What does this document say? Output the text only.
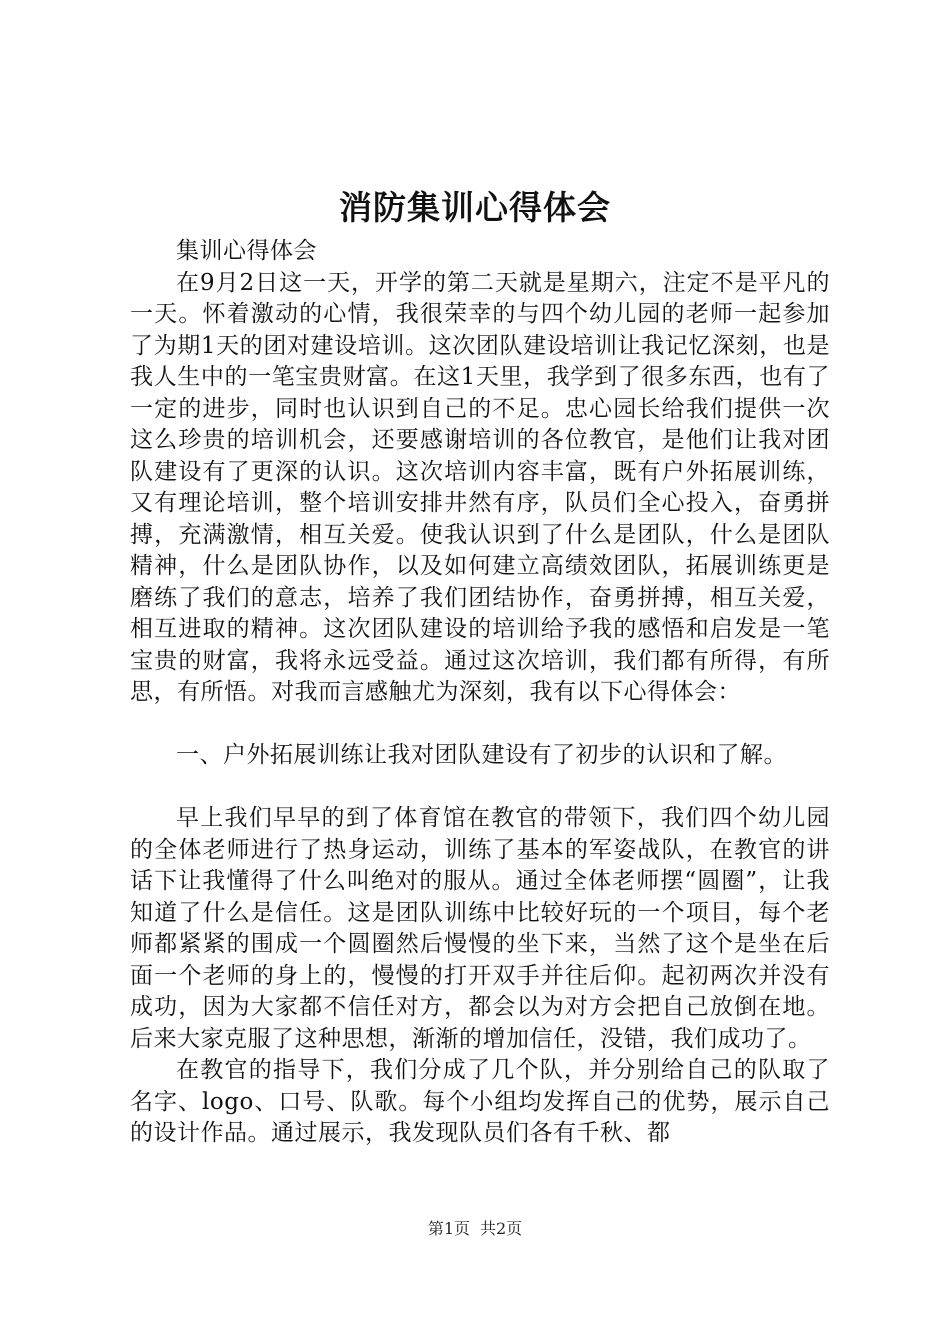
消防集训心得体会

集训心得体会

在9月2日这一天，开学的第二天就是星期六，注定不是平凡的一天。怀着激动的心情，我很荣幸的与四个幼儿园的老师一起参加了为期1天的团对建设培训。这次团队建设培训让我记忆深刻，也是我人生中的一笔宝贵财富。在这1天里，我学到了很多东西，也有了一定的进步，同时也认识到自己的不足。忠心园长给我们提供一次这么珍贵的培训机会，还要感谢培训的各位教官，是他们让我对团队建设有了更深的认识。这次培训内容丰富，既有户外拓展训练，又有理论培训，整个培训安排井然有序，队员们全心投入，奋勇拼搏，充满激情，相互关爱。使我认识到了什么是团队，什么是团队精神，什么是团队协作，以及如何建立高绩效团队，拓展训练更是磨练了我们的意志，培养了我们团结协作，奋勇拼搏，相互关爱，相互进取的精神。这次团队建设的培训给予我的感悟和启发是一笔宝贵的财富，我将永远受益。通过这次培训，我们都有所得，有所思，有所悟。对我而言感触尤为深刻，我有以下心得体会：

一、户外拓展训练让我对团队建设有了初步的认识和了解。

早上我们早早的到了体育馆在教官的带领下，我们四个幼儿园的全体老师进行了热身运动，训练了基本的军姿战队，在教官的讲话下让我懂得了什么叫绝对的服从。通过全体老师摆“圆圈”，让我知道了什么是信任。这是团队训练中比较好玩的一个项目，每个老师都紧紧的围成一个圆圈然后慢慢的坐下来，当然了这个是坐在后面一个老师的身上的，慢慢的打开双手并往后仰。起初两次并没有成功，因为大家都不信任对方，都会以为对方会把自己放倒在地。后来大家克服了这种思想，渐渐的增加信任，没错，我们成功了。

在教官的指导下，我们分成了几个队，并分别给自己的队取了名字、logo、口号、队歌。每个小组均发挥自己的优势，展示自己的设计作品。通过展示，我发现队员们各有千秋、都

第1页 共2页
